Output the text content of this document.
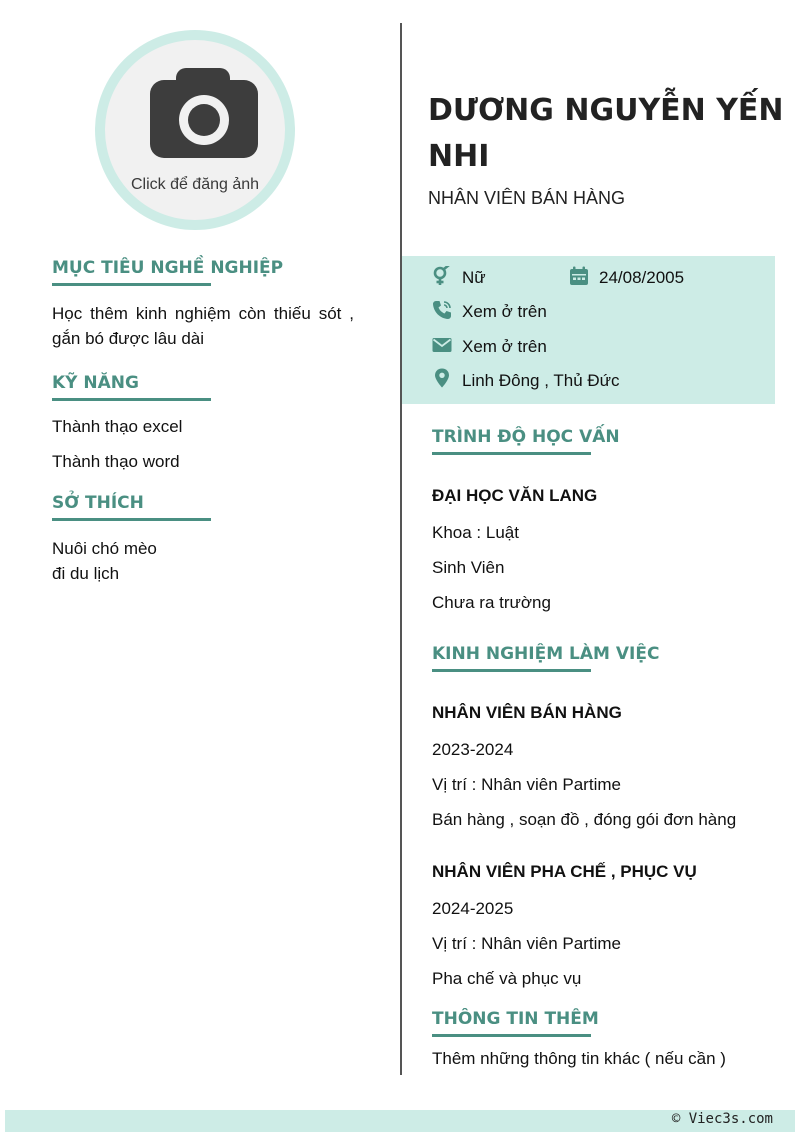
Click để đăng ảnh
MỤC TIÊU NGHỀ NGHIỆP
Học thêm kinh nghiệm còn thiếu sót , gắn bó được lâu dài
KỸ NĂNG
Thành thạo excel
Thành thạo word
SỞ THÍCH
Nuôi chó mèo
đi du lịch
DƯƠNG NGUYỄN YẾN NHI
NHÂN VIÊN BÁN HÀNG
Nữ	24/08/2005
Xem ở trên
Xem ở trên
Linh Đông , Thủ Đức
TRÌNH ĐỘ HỌC VẤN
ĐẠI HỌC VĂN LANG
Khoa : Luật
Sinh Viên
Chưa ra trường
KINH NGHIỆM LÀM VIỆC
NHÂN VIÊN BÁN HÀNG
2023-2024
Vị trí : Nhân viên Partime
Bán hàng , soạn đồ , đóng gói đơn hàng
NHÂN VIÊN PHA CHẾ , PHỤC VỤ
2024-2025
Vị trí : Nhân viên Partime
Pha chế và phục vụ
THÔNG TIN THÊM
Thêm những thông tin khác ( nếu cần )
© Viec3s.com
